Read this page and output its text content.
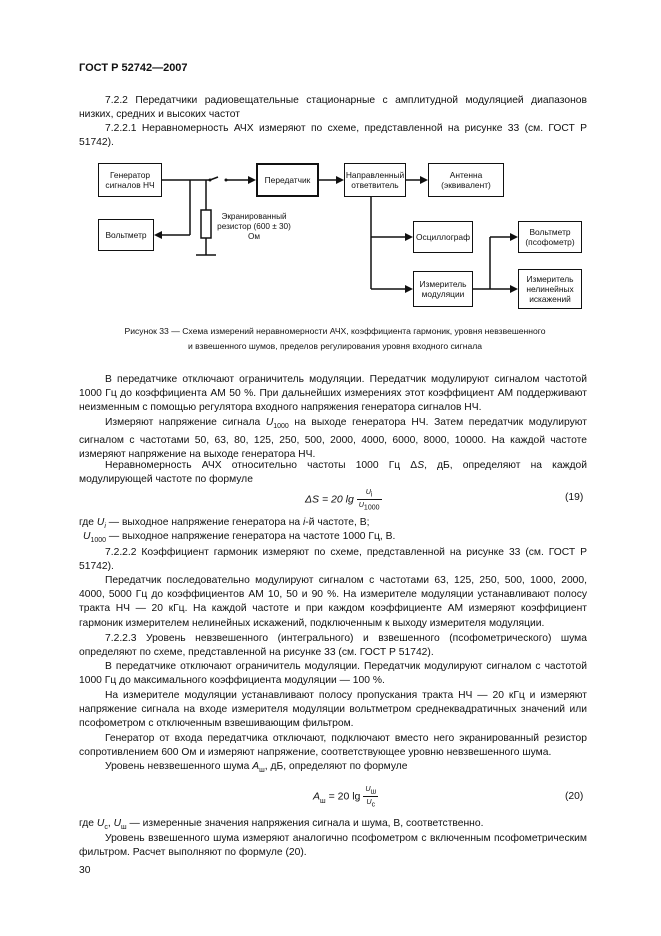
ГОСТ Р 52742—2007

7.2.2 Передатчики радиовещательные стационарные с амплитудной модуляцией диапазонов низких, средних и высоких частот

7.2.2.1 Неравномерность АЧХ измеряют по схеме, представленной на рисунке 33 (см. ГОСТ Р 51742).

Генератор сигналов НЧ
Вольтметр
Передатчик	Направленный ответвитель
Антенна (эквивалент)
Экранированный резистор (600 ± 30) Ом	Осциллограф
Измеритель модуляции
Вольтметр (псофометр)
Измеритель нелинейных искажений
Рисунок 33 — Схема измерений неравномерности АЧХ, коэффициента гармоник, уровня невзвешенного
и взвешенного шумов, пределов регулирования уровня входного сигнала

В передатчике отключают ограничитель модуляции. Передатчик модулируют сигналом частотой 1000 Гц до коэффициента АМ 50 %. При дальнейших измерениях этот коэффициент АМ поддерживают неизменным с помощью регулятора входного напряжения генератора сигналов НЧ.

Измеряют напряжение сигнала $U_{1000}$ на выходе генератора НЧ. Затем передатчик модулируют сигналом с частотами 50, 63, 80, 125, 250, 500, 2000, 4000, 6000, 8000, 10000. На каждой частоте измеряют напряжение на выходе генератора НЧ.

Неравномерность АЧХ относительно частоты 1000 Гц ΔS, дБ, определяют на каждой модулирующей частоте по формуле

ΔS = 20 $\lg \frac{U_i}{U_{1000}}$	(19)

где $U_i$ — выходное напряжение генератора на i-й частоте, В;

$U_{1000}$ — выходное напряжение генератора на частоте 1000 Гц, В.

7.2.2.2 Коэффициент гармоник измеряют по схеме, представленной на рисунке 33 (см. ГОСТ Р 51742).

Передатчик последовательно модулируют сигналом с частотами 63, 125, 250, 500, 1000, 2000, 4000, 5000 Гц до коэффициентов АМ 10, 50 и 90 %. На измерителе модуляции устанавливают полосу тракта НЧ — 20 кГц. На каждой частоте и при каждом коэффициенте АМ измеряют коэффициент гармоник измерителем нелинейных искажений, подключенным к выходу измерителя модуляции.

7.2.2.3 Уровень невзвешенного (интегрального) и взвешенного (псофометрического) шума определяют по схеме, представленной на рисунке 33 (см. ГОСТ Р 51742).

В передатчике отключают ограничитель модуляции. Передатчик модулируют сигналом с частотой 1000 Гц до максимального коэффициента модуляции — 100 %.

На измерителе модуляции устанавливают полосу пропускания тракта НЧ — 20 кГц и измеряют напряжение сигнала на входе измерителя модуляции вольтметром среднеквадратичных значений или псофометром с отключенным взвешивающим фильтром.

Генератор от входа передатчика отключают, подключают вместо него экранированный резистор сопротивлением 600 Ом и измеряют напряжение, соответствующее уровню невзвешенного шума.

Уровень невзвешенного шума $A_ш$, дБ, определяют по формуле

$A_ш = 20$ $\lg \frac{U_ш}{U_c}$	(20)

где $U_с$, $U_ш$ — измеренные значения напряжения сигнала и шума, В, соответственно.

Уровень взвешенного шума измеряют аналогично псофометром с включенным псофометрическим фильтром. Расчет выполняют по формуле (20).

30
